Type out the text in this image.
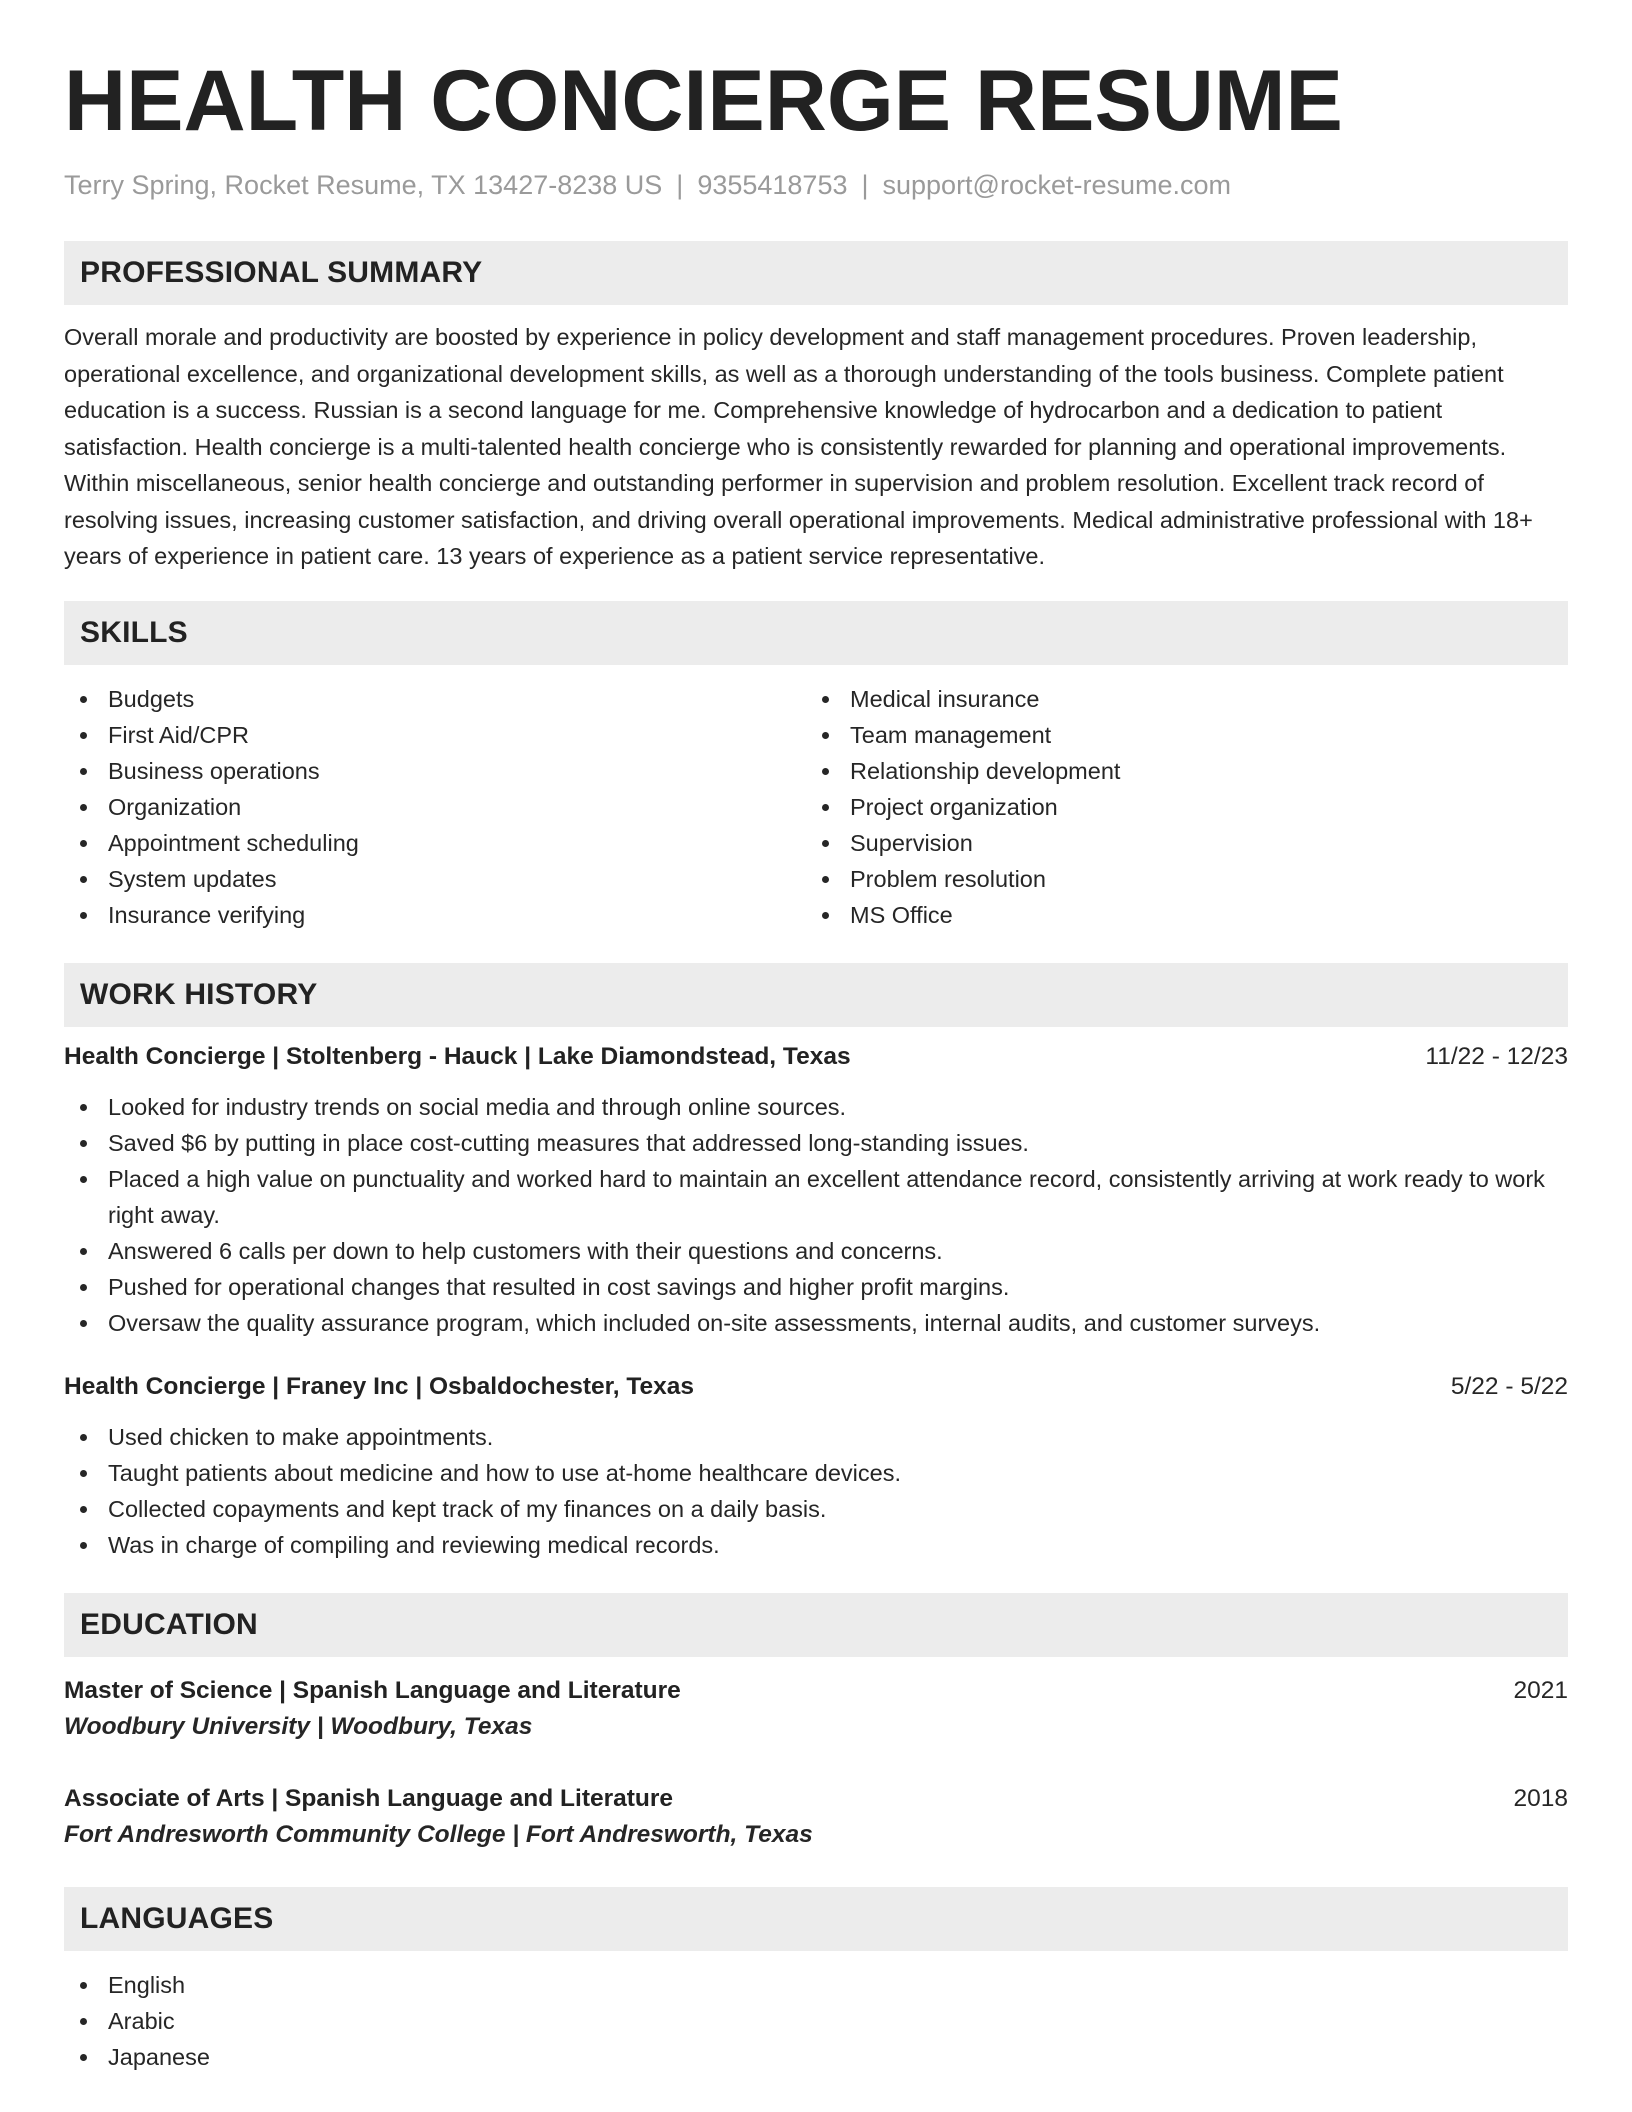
HEALTH CONCIERGE RESUME
Terry Spring, Rocket Resume, TX 13427-8238 US | 9355418753 | support@rocket-resume.com
PROFESSIONAL SUMMARY
Overall morale and productivity are boosted by experience in policy development and staff management procedures. Proven leadership, operational excellence, and organizational development skills, as well as a thorough understanding of the tools business. Complete patient education is a success. Russian is a second language for me. Comprehensive knowledge of hydrocarbon and a dedication to patient satisfaction. Health concierge is a multi-talented health concierge who is consistently rewarded for planning and operational improvements. Within miscellaneous, senior health concierge and outstanding performer in supervision and problem resolution. Excellent track record of resolving issues, increasing customer satisfaction, and driving overall operational improvements. Medical administrative professional with 18+ years of experience in patient care. 13 years of experience as a patient service representative.
SKILLS
Budgets
First Aid/CPR
Business operations
Organization
Appointment scheduling
System updates
Insurance verifying
Medical insurance
Team management
Relationship development
Project organization
Supervision
Problem resolution
MS Office
WORK HISTORY
Health Concierge | Stoltenberg - Hauck | Lake Diamondstead, Texas	11/22 - 12/23
Looked for industry trends on social media and through online sources.
Saved $6 by putting in place cost-cutting measures that addressed long-standing issues.
Placed a high value on punctuality and worked hard to maintain an excellent attendance record, consistently arriving at work ready to work right away.
Answered 6 calls per down to help customers with their questions and concerns.
Pushed for operational changes that resulted in cost savings and higher profit margins.
Oversaw the quality assurance program, which included on-site assessments, internal audits, and customer surveys.
Health Concierge | Franey Inc | Osbaldochester, Texas	5/22 - 5/22
Used chicken to make appointments.
Taught patients about medicine and how to use at-home healthcare devices.
Collected copayments and kept track of my finances on a daily basis.
Was in charge of compiling and reviewing medical records.
EDUCATION
Master of Science | Spanish Language and Literature	2021
Woodbury University | Woodbury, Texas
Associate of Arts | Spanish Language and Literature	2018
Fort Andresworth Community College | Fort Andresworth, Texas
LANGUAGES
English
Arabic
Japanese
